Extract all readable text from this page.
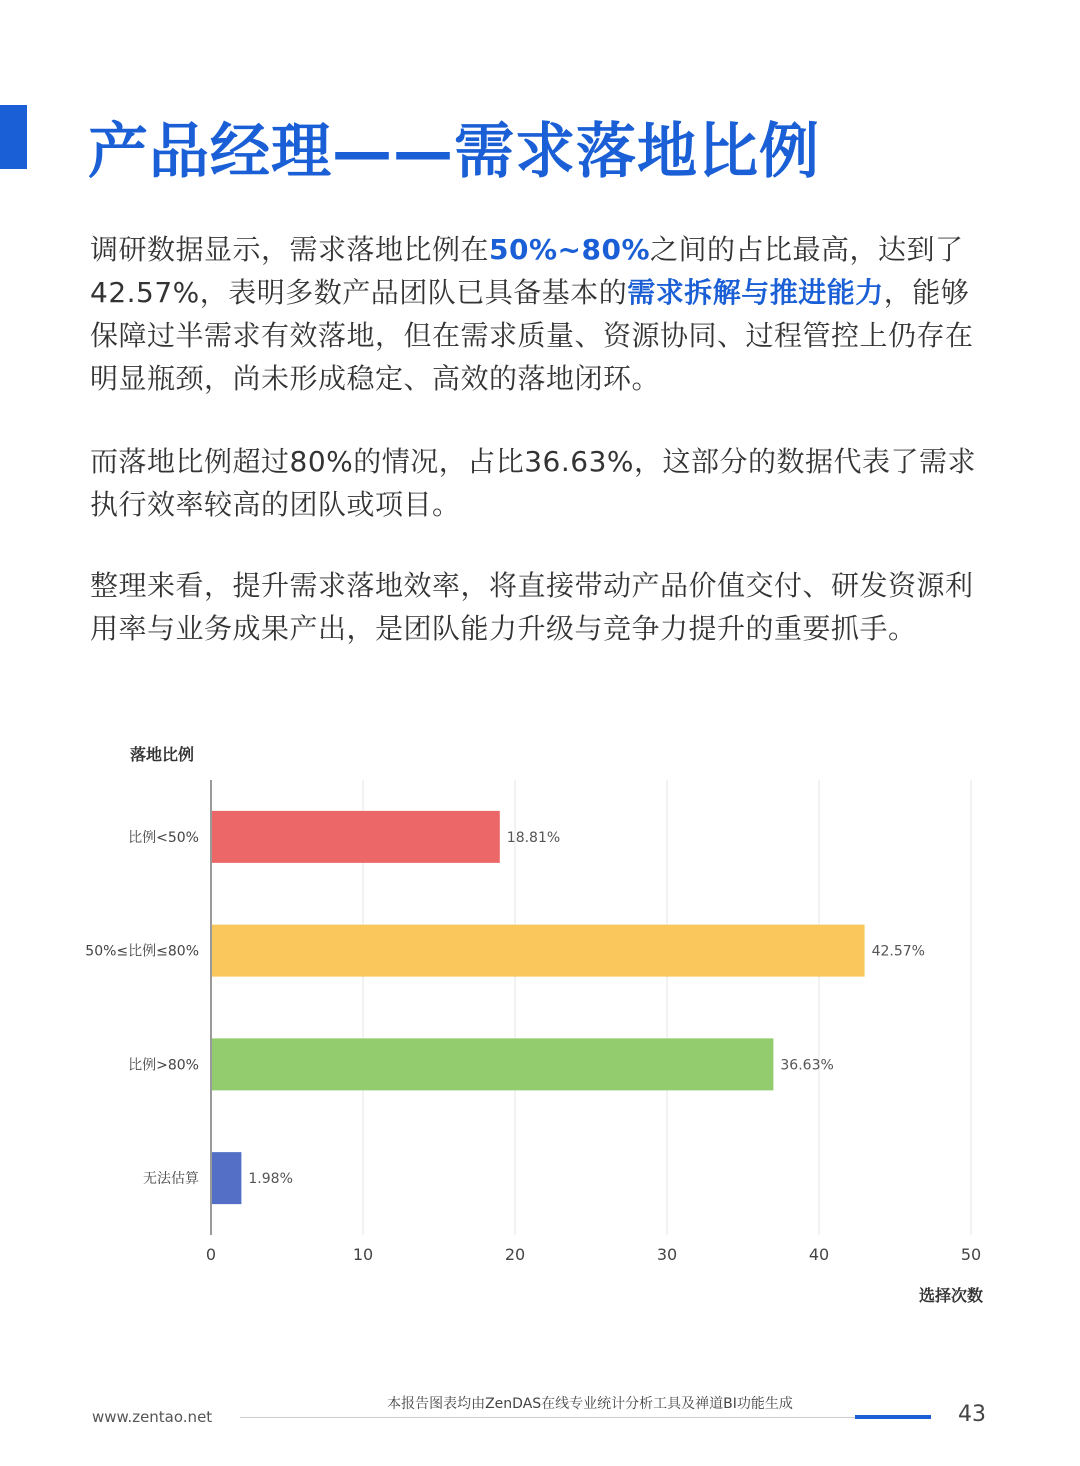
产品经理——需求落地比例

调研数据显示，需求落地比例在50%~80%之间的占比最高，达到了42.57%，表明多数产品团队已具备基本的需求拆解与推进能力，能够保障过半需求有效落地，但在需求质量、资源协同、过程管控上仍存在明显瓶颈，尚未形成稳定、高效的落地闭环。

而落地比例超过80%的情况，占比36.63%，这部分的数据代表了需求执行效率较高的团队或项目。

整理来看，提升需求落地效率，将直接带动产品价值交付、研发资源利用率与业务成果产出，是团队能力升级与竞争力提升的重要抓手。

落地比例
比例<50%	18.81%
50%≤比例≤80%	42.57%
比例>80%	36.63%
无法估算	1.98%
0	10	20	30	40	50
选择次数
www.zentao.net
本报告图表均由ZenDAS在线专业统计分析工具及禅道BI功能生成	43
